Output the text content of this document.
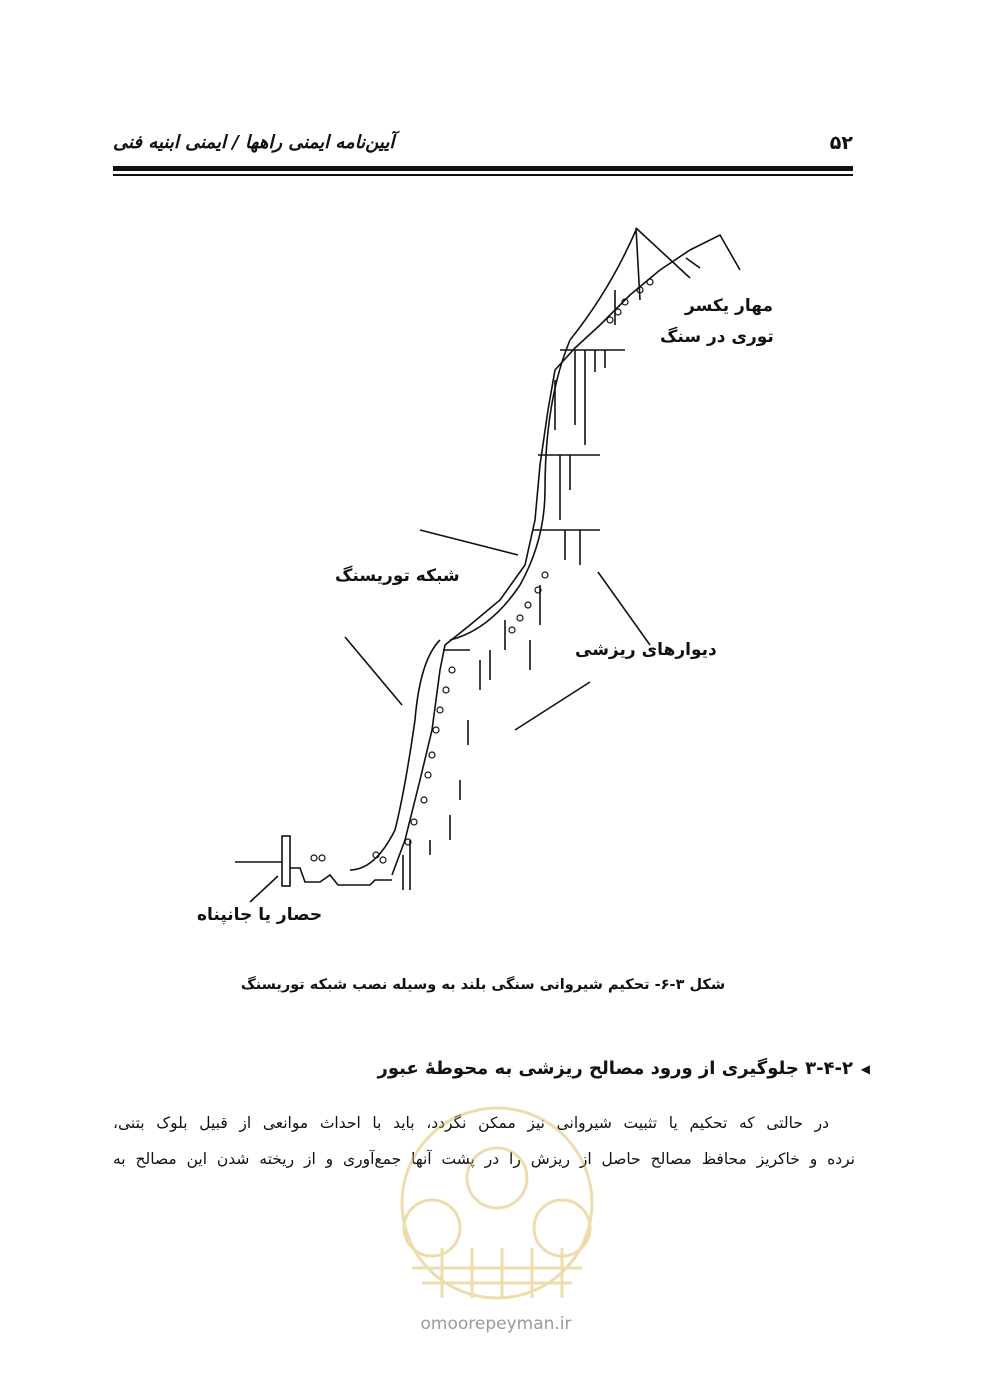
۵۲
آیین‌نامه ایمنی راهها / ایمنی ابنیه فنی
مهار یکسر
توری در سنگ
شبکه توریسنگ
دیوارهای ریزشی
حصار یا جانپناه
شکل ۳-۶- تحکیم شیروانی سنگی بلند به وسیله نصب شبکه توریسنگ
◀
۳-۴-۲ جلوگیری از ورود مصالح ریزشی به محوطهٔ عبور

در حالتی که تحکیم یا تثبیت شیروانی نیز ممکن نگردد، باید با احداث موانعی از قبیل بلوک بتنی،

نرده و خاکریز محافظ مصالح حاصل از ریزش را در پشت آنها جمع‌آوری و از ریخته شدن این مصالح به

omoorepeyman.ir
